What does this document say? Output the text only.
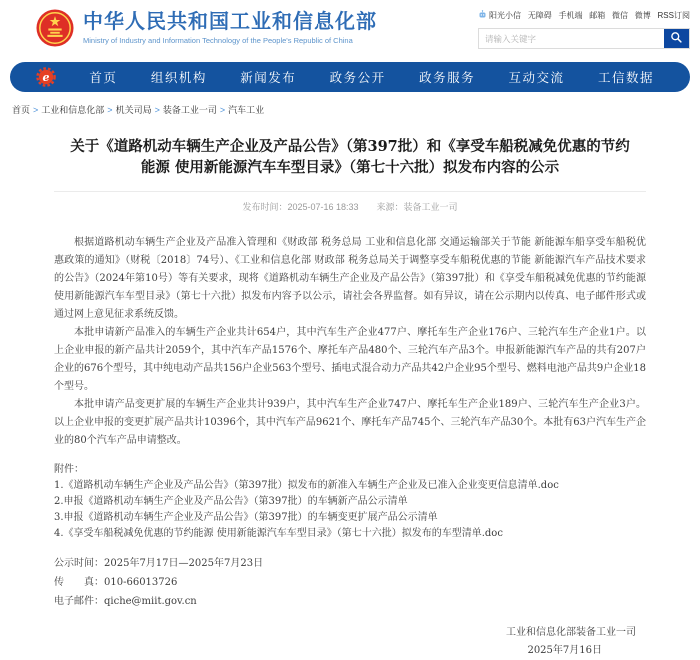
中华人民共和国工业和信息化部
Ministry of Industry and Information Technology of the People's Republic of China
阳光小信 无障碍 手机端 邮箱 微信 微博 RSS订阅
请输入关键字
e	首页	组织机构	新闻发布	政务公开	政务服务	互动交流	工信数据
首页 > 工业和信息化部 > 机关司局 > 装备工业一司 > 汽车工业
关于《道路机动车辆生产企业及产品公告》（第397批）和《享受车船税减免优惠的节约能源 使用新能源汽车车型目录》（第七十六批）拟发布内容的公示
发布时间：2025-07-16 18:33 来源：装备工业一司

根据道路机动车辆生产企业及产品准入管理和《财政部 税务总局 工业和信息化部 交通运输部关于节能 新能源车船享受车船税优惠政策的通知》（财税〔2018〕74号）、《工业和信息化部 财政部 税务总局关于调整享受车船税优惠的节能 新能源汽车产品技术要求的公告》（2024年第10号）等有关要求，现将《道路机动车辆生产企业及产品公告》（第397批）和《享受车船税减免优惠的节约能源 使用新能源汽车车型目录》（第七十六批）拟发布内容予以公示，请社会各界监督。如有异议，请在公示期内以传真、电子邮件形式或通过网上意见征求系统反馈。

本批申请新产品准入的车辆生产企业共计654户，其中汽车生产企业477户、摩托车生产企业176户、三轮汽车生产企业1户。以上企业申报的新产品共计2059个，其中汽车产品1576个、摩托车产品480个、三轮汽车产品3个。申报新能源汽车产品的共有207户企业的676个型号，其中纯电动产品共156户企业563个型号、插电式混合动力产品共42户企业95个型号、燃料电池产品共9户企业18个型号。

本批申请产品变更扩展的车辆生产企业共计939户，其中汽车生产企业747户、摩托车生产企业189户、三轮汽车生产企业3户。以上企业申报的变更扩展产品共计10396个，其中汽车产品9621个、摩托车产品745个、三轮汽车产品30个。本批有63户汽车生产企业的80个汽车产品申请整改。

附件：
1.《道路机动车辆生产企业及产品公告》（第397批）拟发布的新准入车辆生产企业及已准入企业变更信息清单.doc
2.申报《道路机动车辆生产企业及产品公告》（第397批）的车辆新产品公示清单
3.申报《道路机动车辆生产企业及产品公告》（第397批）的车辆变更扩展产品公示清单
4.《享受车船税减免优惠的节约能源 使用新能源汽车车型目录》（第七十六批）拟发布的车型清单.doc
公示时间：2025年7月17日—2025年7月23日
传　　真：010-66013726
电子邮件：qiche@miit.gov.cn
工业和信息化部装备工业一司
2025年7月16日
